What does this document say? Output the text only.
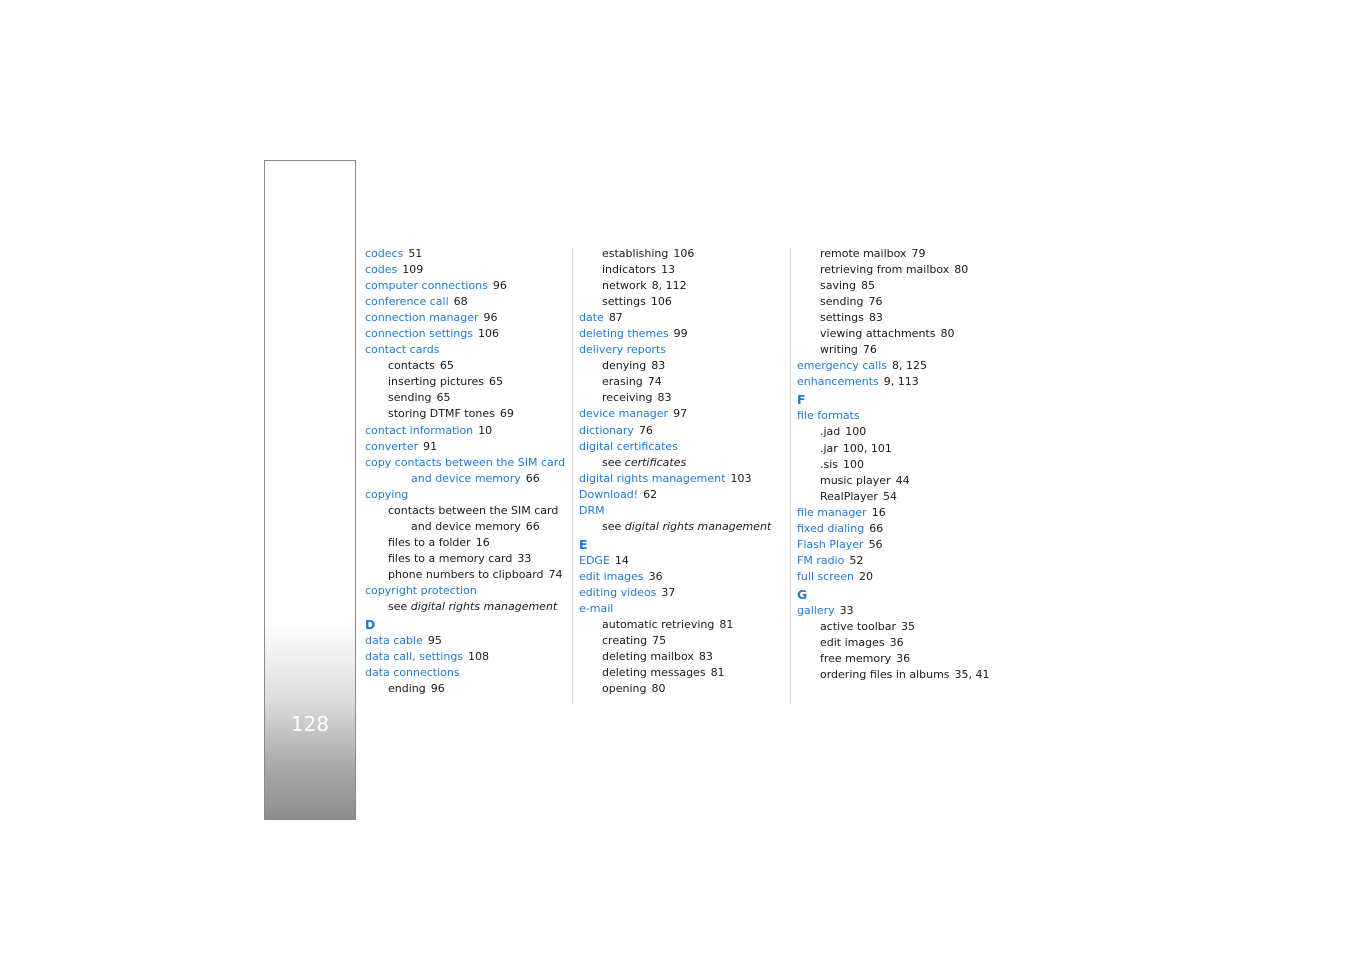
128
codecs 51
codes 109
computer connections 96
conference call 68
connection manager 96
connection settings 106
contact cards
contacts 65
inserting pictures 65
sending 65
storing DTMF tones 69
contact information 10
converter 91
copy contacts between the SIM card
and device memory 66
copying
contacts between the SIM card
and device memory 66
files to a folder 16
files to a memory card 33
phone numbers to clipboard 74
copyright protection
see digital rights management
D
data cable 95
data call, settings 108
data connections
ending 96
establishing 106
indicators 13
network 8, 112
settings 106
date 87
deleting themes 99
delivery reports
denying 83
erasing 74
receiving 83
device manager 97
dictionary 76
digital certificates
see certificates
digital rights management 103
Download! 62
DRM
see digital rights management
E
EDGE 14
edit images 36
editing videos 37
e-mail
automatic retrieving 81
creating 75
deleting mailbox 83
deleting messages 81
opening 80
remote mailbox 79
retrieving from mailbox 80
saving 85
sending 76
settings 83
viewing attachments 80
writing 76
emergency calls 8, 125
enhancements 9, 113
F
file formats
.jad 100
.jar 100, 101
.sis 100
music player 44
RealPlayer 54
file manager 16
fixed dialing 66
Flash Player 56
FM radio 52
full screen 20
G
gallery 33
active toolbar 35
edit images 36
free memory 36
ordering files in albums 35, 41
